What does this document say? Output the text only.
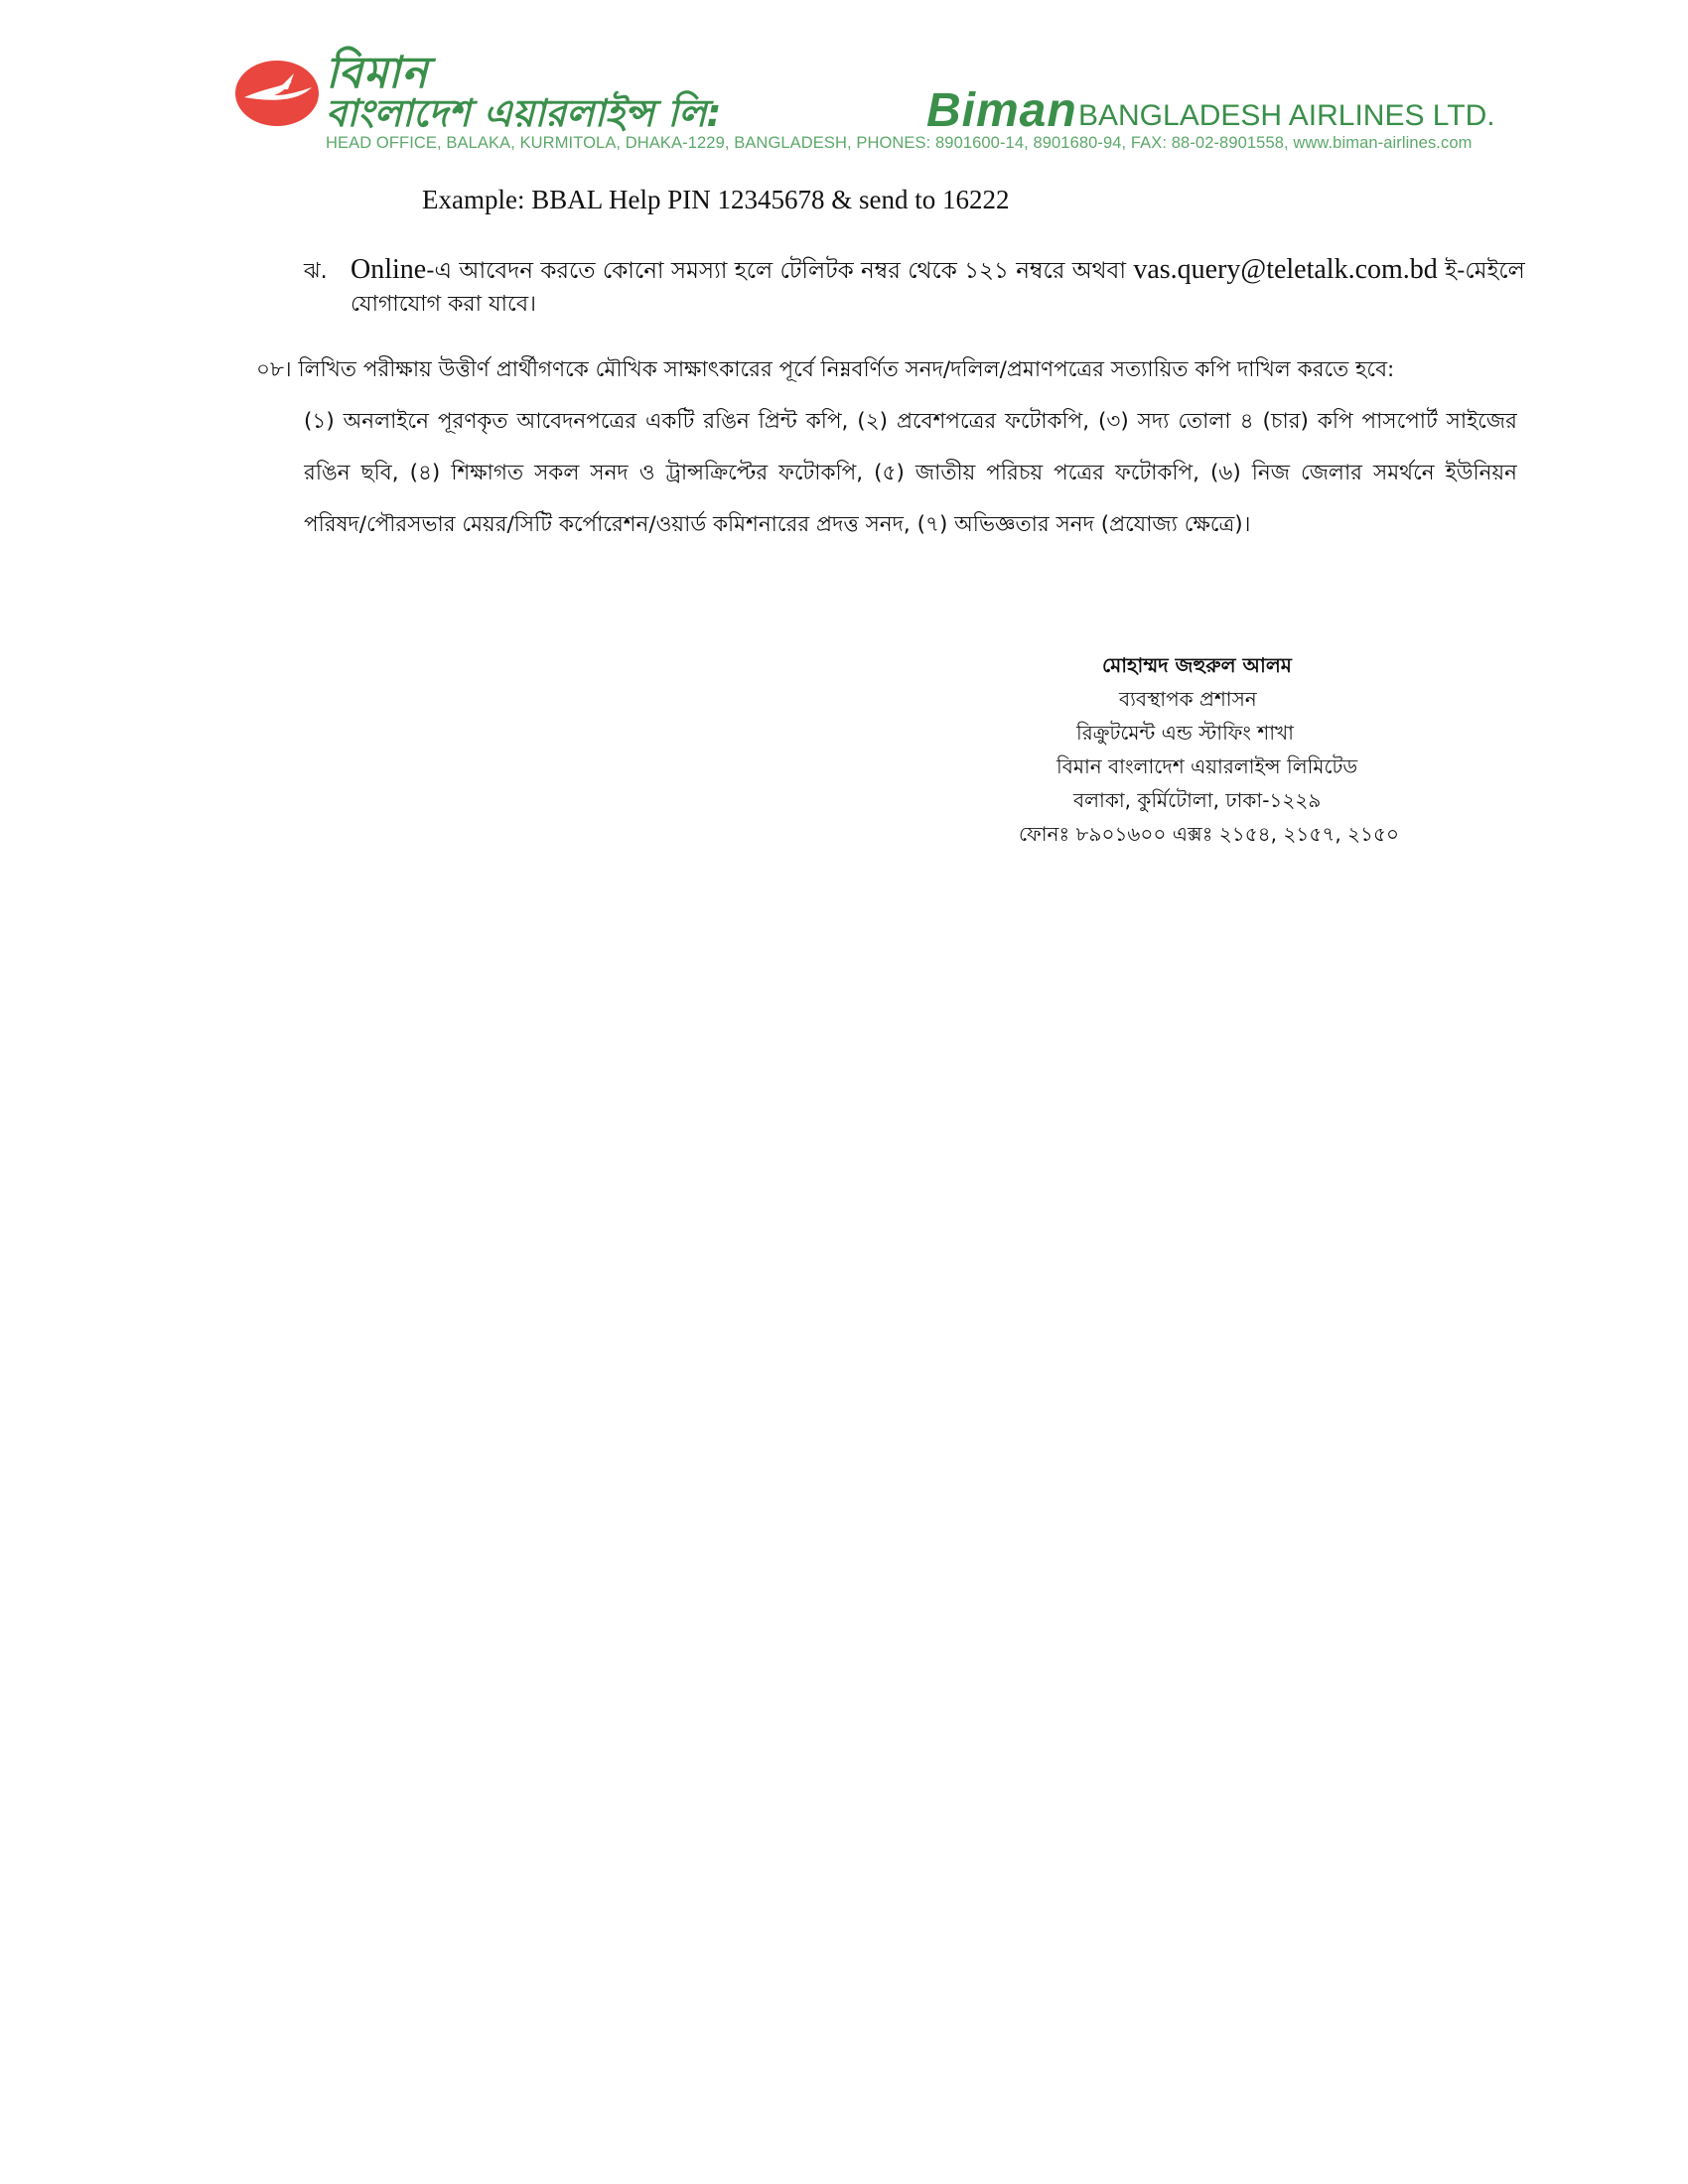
বিমান
বাংলাদেশ এয়ারলাইন্স লি:	Biman BANGLADESH AIRLINES LTD.
HEAD OFFICE, BALAKA, KURMITOLA, DHAKA-1229, BANGLADESH, PHONES: 8901600-14, 8901680-94, FAX: 88-02-8901558, www.biman-airlines.com
Example: BBAL Help PIN 12345678 & send to 16222
ঝ. Online-এ আবেদন করতে কোনো সমস্যা হলে টেলিটক নম্বর থেকে ১২১ নম্বরে অথবা vas.query@teletalk.com.bd ই-মেইলে
যোগাযোগ করা যাবে।
০৮। লিখিত পরীক্ষায় উত্তীর্ণ প্রার্থীগণকে মৌখিক সাক্ষাৎকারের পূর্বে নিম্নবর্ণিত সনদ/দলিল/প্রমাণপত্রের সত্যায়িত কপি দাখিল করতে হবে:
(১) অনলাইনে পূরণকৃত আবেদনপত্রের একটি রঙিন প্রিন্ট কপি, (২) প্রবেশপত্রের ফটোকপি, (৩) সদ্য তোলা ৪ (চার) কপি পাসপোর্ট সাইজের
রঙিন ছবি, (৪) শিক্ষাগত সকল সনদ ও ট্রান্সক্রিপ্টের ফটোকপি, (৫) জাতীয় পরিচয় পত্রের ফটোকপি, (৬) নিজ জেলার সমর্থনে ইউনিয়ন
পরিষদ/পৌরসভার মেয়র/সিটি কর্পোরেশন/ওয়ার্ড কমিশনারের প্রদত্ত সনদ, (৭) অভিজ্ঞতার সনদ (প্রযোজ্য ক্ষেত্রে)।
মোহাম্মদ জহুরুল আলম
ব্যবস্থাপক প্রশাসন
রিক্রুটমেন্ট এন্ড স্টাফিং শাখা
বিমান বাংলাদেশ এয়ারলাইন্স লিমিটেড
বলাকা, কুর্মিটোলা, ঢাকা-১২২৯
ফোনঃ ৮৯০১৬০০ এক্সঃ ২১৫৪, ২১৫৭, ২১৫০
